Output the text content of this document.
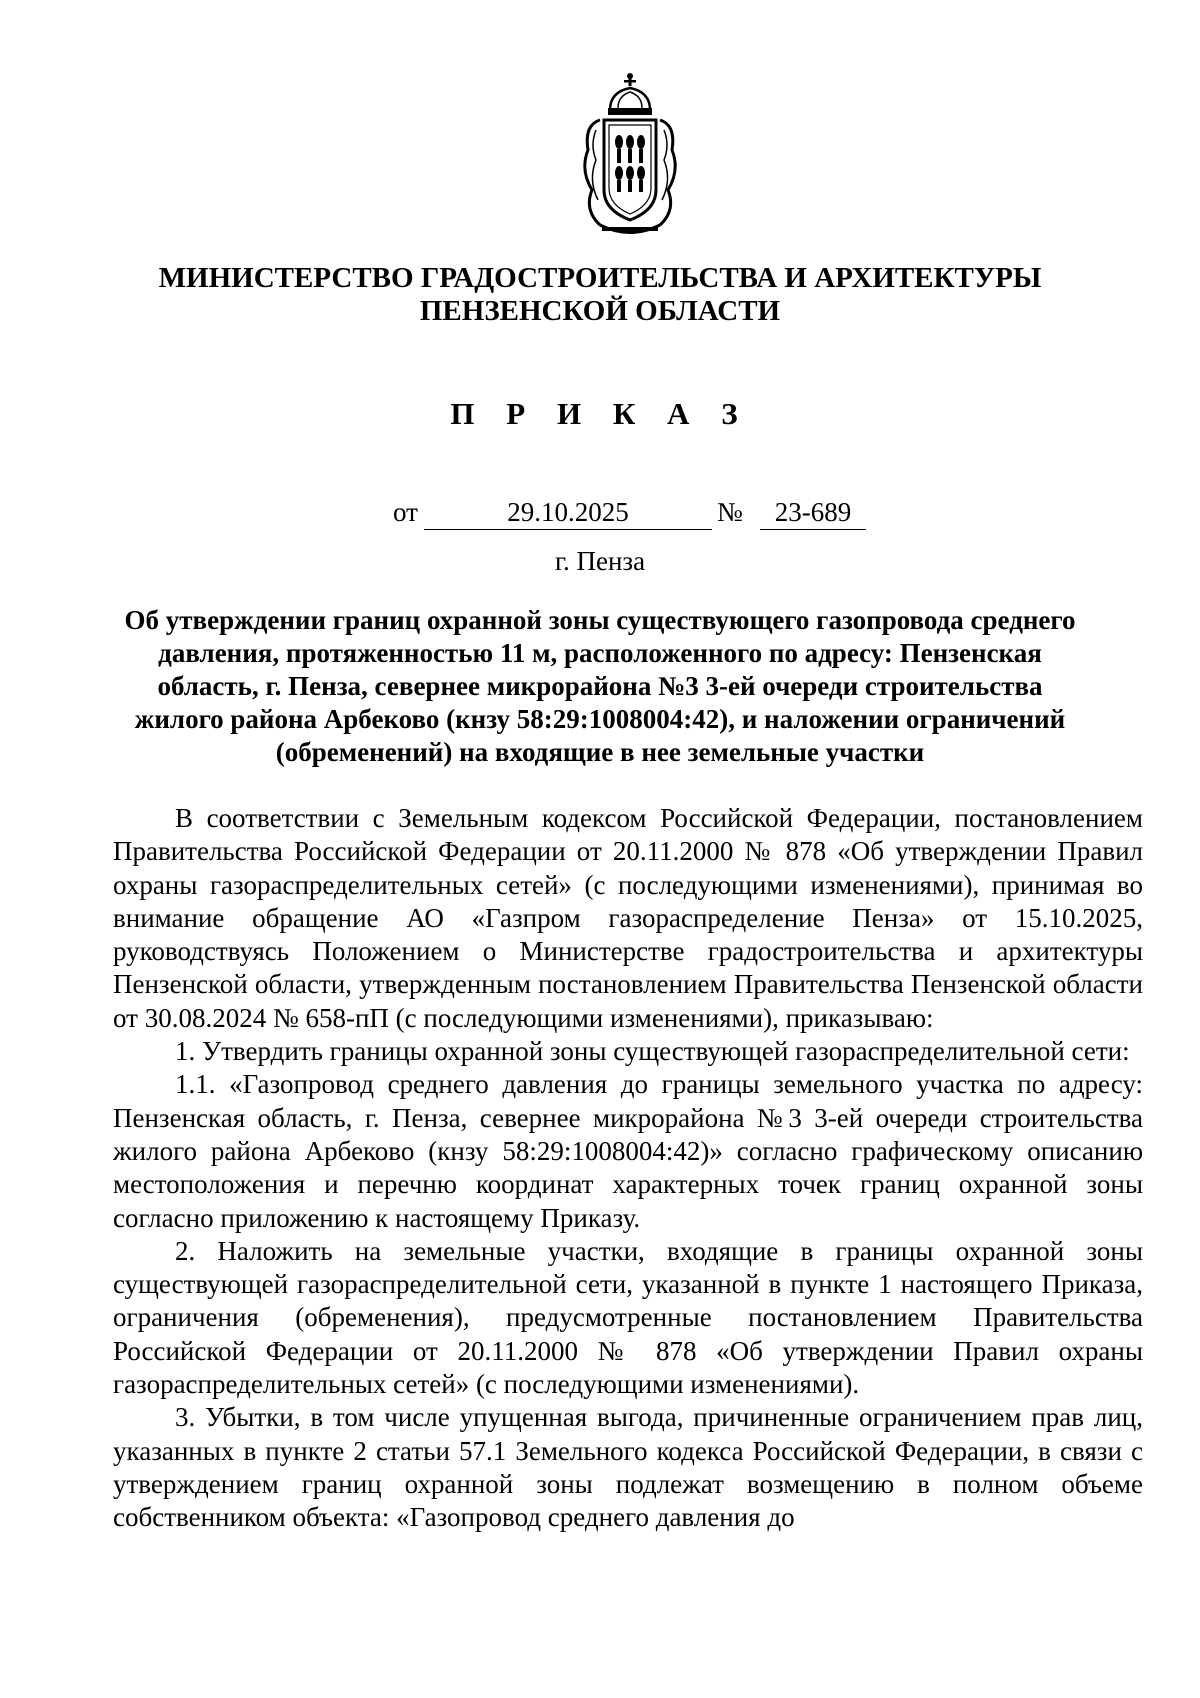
МИНИСТЕРСТВО ГРАДОСТРОИТЕЛЬСТВА И АРХИТЕКТУРЫ
ПЕНЗЕНСКОЙ ОБЛАСТИ
П Р И К А З
от	29.10.2025	№	23-689
г. Пенза
Об утверждении границ охранной зоны существующего газопровода среднего давления, протяженностью 11 м, расположенного по адресу: Пензенская область, г. Пенза, севернее микрорайона №3 3-ей очереди строительства жилого района Арбеково (кнзу 58:29:1008004:42), и наложении ограничений (обременений) на входящие в нее земельные участки

В соответствии с Земельным кодексом Российской Федерации, постановлением Правительства Российской Федерации от 20.11.2000 № 878 «Об утверждении Правил охраны газораспределительных сетей» (с последующими изменениями), принимая во внимание обращение АО «Газпром газораспределение Пенза» от 15.10.2025, руководствуясь Положением о Министерстве градостроительства и архитектуры Пензенской области, утвержденным постановлением Правительства Пензенской области от 30.08.2024 № 658-пП (с последующими изменениями), приказываю:

1. Утвердить границы охранной зоны существующей газораспределительной сети:

1.1. «Газопровод среднего давления до границы земельного участка по адресу: Пензенская область, г. Пенза, севернее микрорайона №3 3-ей очереди строительства жилого района Арбеково (кнзу 58:29:1008004:42)» согласно графическому описанию местоположения и перечню координат характерных точек границ охранной зоны согласно приложению к настоящему Приказу.

2. Наложить на земельные участки, входящие в границы охранной зоны существующей газораспределительной сети, указанной в пункте 1 настоящего Приказа, ограничения (обременения), предусмотренные постановлением Правительства Российской Федерации от 20.11.2000 № 878 «Об утверждении Правил охраны газораспределительных сетей» (с последующими изменениями).

3. Убытки, в том числе упущенная выгода, причиненные ограничением прав лиц, указанных в пункте 2 статьи 57.1 Земельного кодекса Российской Федерации, в связи с утверждением границ охранной зоны подлежат возмещению в полном объеме собственником объекта: «Газопровод среднего давления до
